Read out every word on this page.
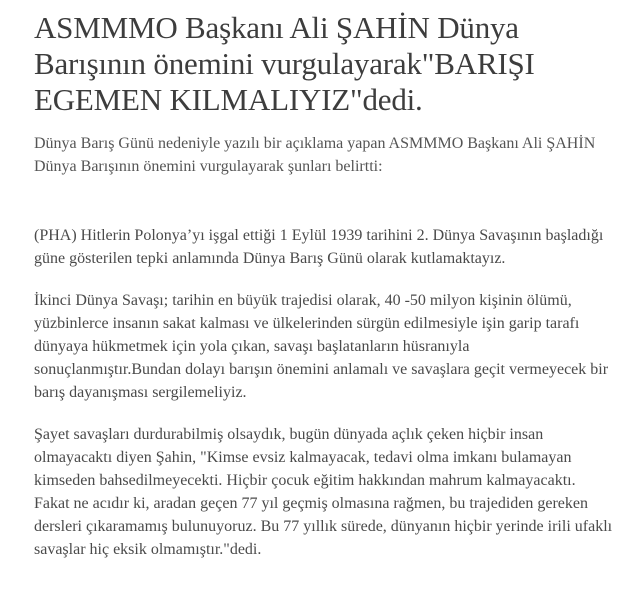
ASMMMO Başkanı Ali ŞAHİN Dünya Barışının önemini vurgulayarak"BARIŞI EGEMEN KILMALIYIZ"dedi.

Dünya Barış Günü nedeniyle yazılı bir açıklama yapan ASMMMO Başkanı Ali ŞAHİN Dünya Barışının önemini vurgulayarak şunları belirtti:

(PHA) Hitlerin Polonya’yı işgal ettiği 1 Eylül 1939 tarihini 2. Dünya Savaşının başladığı güne gösterilen tepki anlamında Dünya Barış Günü olarak kutlamaktayız.

İkinci Dünya Savaşı; tarihin en büyük trajedisi olarak, 40 -50 milyon kişinin ölümü, yüzbinlerce insanın sakat kalması ve ülkelerinden sürgün edilmesiyle işin garip tarafı dünyaya hükmetmek için yola çıkan, savaşı başlatanların hüsranıyla sonuçlanmıştır.Bundan dolayı barışın önemini anlamalı ve savaşlara geçit vermeyecek bir barış dayanışması sergilemeliyiz.

Şayet savaşları durdurabilmiş olsaydık, bugün dünyada açlık çeken hiçbir insan olmayacaktı diyen Şahin, "Kimse evsiz kalmayacak, tedavi olma imkanı bulamayan kimseden bahsedilmeyecekti. Hiçbir çocuk eğitim hakkından mahrum kalmayacaktı. Fakat ne acıdır ki, aradan geçen 77 yıl geçmiş olmasına rağmen, bu trajediden gereken dersleri çıkaramamış bulunuyoruz. Bu 77 yıllık sürede, dünyanın hiçbir yerinde irili ufaklı savaşlar hiç eksik olmamıştır."dedi.
